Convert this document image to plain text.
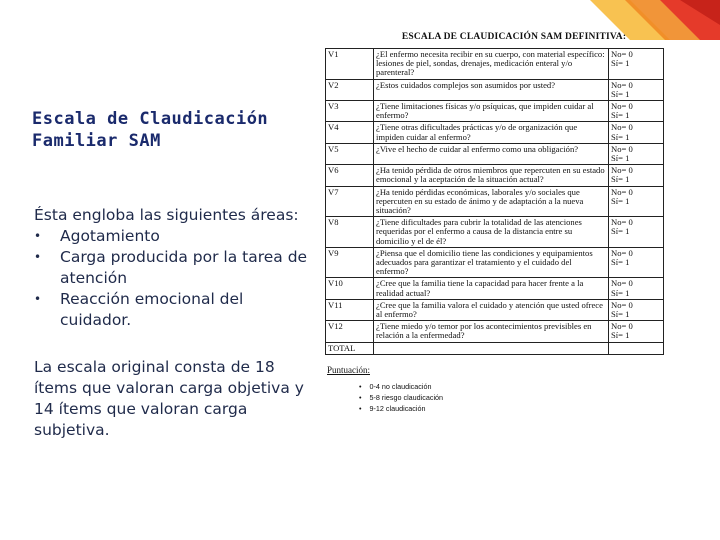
Escala de Claudicación Familiar SAM

Ésta engloba las siguientes áreas:

•	Agotamiento
•	Carga producida por la tarea de atención
•	Reacción emocional del cuidador.

La escala original consta de 18 ítems que valoran carga objetiva y 14 ítems que valoran carga subjetiva.

ESCALA DE CLAUDICACIÓN SAM DEFINITIVA:
V1	¿El enfermo necesita recibir en su cuerpo, con material específico: lesiones de piel, sondas, drenajes, medicación enteral y/o parenteral?	No= 0
Sí= 1

V2	¿Estos cuidados complejos son asumidos por usted?	No= 0
Sí= 1

V3	¿Tiene limitaciones físicas y/o psíquicas, que impiden cuidar al enfermo?	No= 0
Sí= 1

V4	¿Tiene otras dificultades prácticas y/o de organización que impiden cuidar al enfermo?	No= 0
Sí= 1

V5	¿Vive el hecho de cuidar al enfermo como una obligación?	No= 0
Sí= 1

V6	¿Ha tenido pérdida de otros miembros que repercuten en su estado emocional y la aceptación de la situación actual?	No= 0
Sí= 1

V7	¿Ha tenido pérdidas económicas, laborales y/o sociales que repercuten en su estado de ánimo y de adaptación a la nueva situación?	No= 0
Sí= 1

V8	¿Tiene dificultades para cubrir la totalidad de las atenciones requeridas por el enfermo a causa de la distancia entre su domicilio y el de él?	No= 0
Sí= 1

V9	¿Piensa que el domicilio tiene las condiciones y equipamientos adecuados para garantizar el tratamiento y el cuidado del enfermo?	No= 0
Sí= 1

V10	¿Cree que la familia tiene la capacidad para hacer frente a la realidad actual?	No= 0
Sí= 1

V11	¿Cree que la familia valora el cuidado y atención que usted ofrece al enfermo?	No= 0
Sí= 1

V12	¿Tiene miedo y/o temor por los acontecimientos previsibles en relación a la enfermedad?	No= 0
Sí= 1

TOTAL		
Puntuación:
• 0-4 no claudicación
• 5-8 riesgo claudicación
• 9-12 claudicación
